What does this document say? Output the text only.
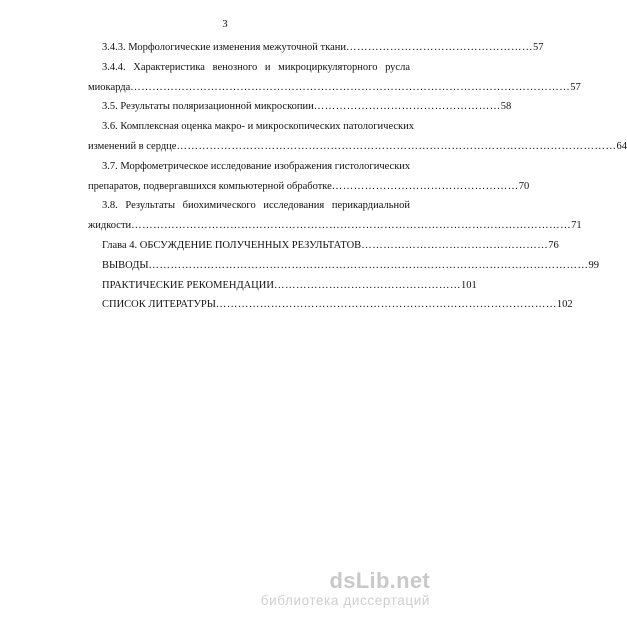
3
3.4.3. Морфологические изменения межуточной ткани …………………………………………… 57
3.4.4. Характеристика венозного и микроциркуляторного русла
миокарда ………………………………………………………………………………………………………… 57
3.5. Результаты поляризационной микроскопии …………………………………………… 58
3.6. Комплексная оценка макро- и микроскопических патологических
изменений в сердце ………………………………………………………………………………………………………… 64
3.7. Морфометрическое исследование изображения гистологических
препаратов, подвергавшихся компьютерной обработке …………………………………………… 70
3.8. Результаты биохимического исследования перикардиальной
жидкости ………………………………………………………………………………………………………… 71
Глава 4. ОБСУЖДЕНИЕ ПОЛУЧЕННЫХ РЕЗУЛЬТАТОВ …………………………………………… 76
ВЫВОДЫ ………………………………………………………………………………………………………… 99
ПРАКТИЧЕСКИЕ РЕКОМЕНДАЦИИ …………………………………………… 101
СПИСОК ЛИТЕРАТУРЫ ………………………………………………………………………………… 102
dsLib.net
библиотека диссертаций
